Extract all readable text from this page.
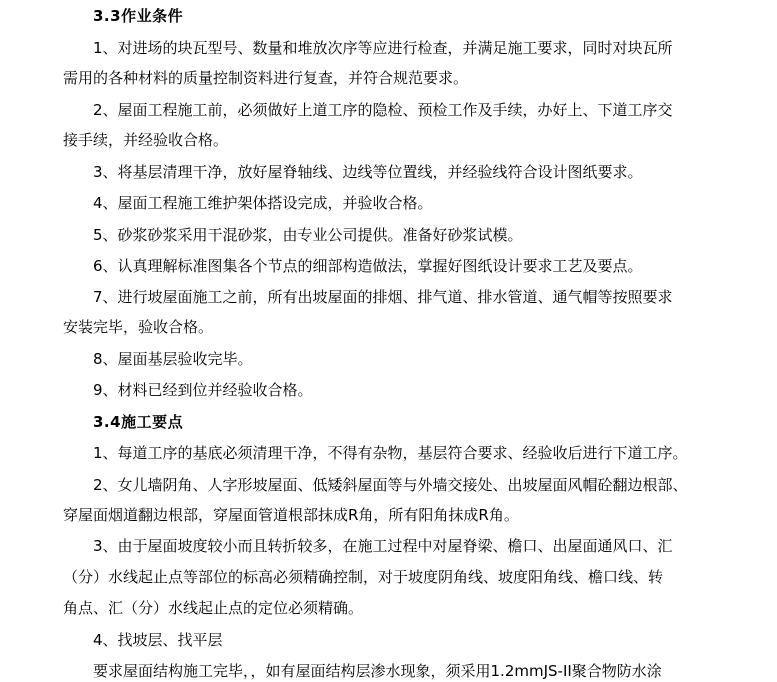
3.3作业条件
1、对进场的块瓦型号、数量和堆放次序等应进行检查，并满足施工要求，同时对块瓦所
需用的各种材料的质量控制资料进行复查，并符合规范要求。
2、屋面工程施工前，必须做好上道工序的隐检、预检工作及手续，办好上、下道工序交
接手续，并经验收合格。
3、将基层清理干净，放好屋脊轴线、边线等位置线，并经验线符合设计图纸要求。
4、屋面工程施工维护架体搭设完成，并验收合格。
5、砂浆砂浆采用干混砂浆，由专业公司提供。准备好砂浆试模。
6、认真理解标准图集各个节点的细部构造做法，掌握好图纸设计要求工艺及要点。
7、进行坡屋面施工之前，所有出坡屋面的排烟、排气道、排水管道、通气帽等按照要求
安装完毕，验收合格。
8、屋面基层验收完毕。
9、材料已经到位并经验收合格。
3.4施工要点
1、每道工序的基底必须清理干净，不得有杂物，基层符合要求、经验收后进行下道工序。
2、女儿墙阴角、人字形坡屋面、低矮斜屋面等与外墙交接处、出坡屋面风帽砼翻边根部、
穿屋面烟道翻边根部，穿屋面管道根部抹成R角，所有阳角抹成R角。
3、由于屋面坡度较小而且转折较多，在施工过程中对屋脊梁、檐口、出屋面通风口、汇
（分）水线起止点等部位的标高必须精确控制，对于坡度阴角线、坡度阳角线、檐口线、转
角点、汇（分）水线起止点的定位必须精确。
4、找坡层、找平层
要求屋面结构施工完毕，，如有屋面结构层渗水现象，须采用1.2mmJS-II聚合物防水涂
